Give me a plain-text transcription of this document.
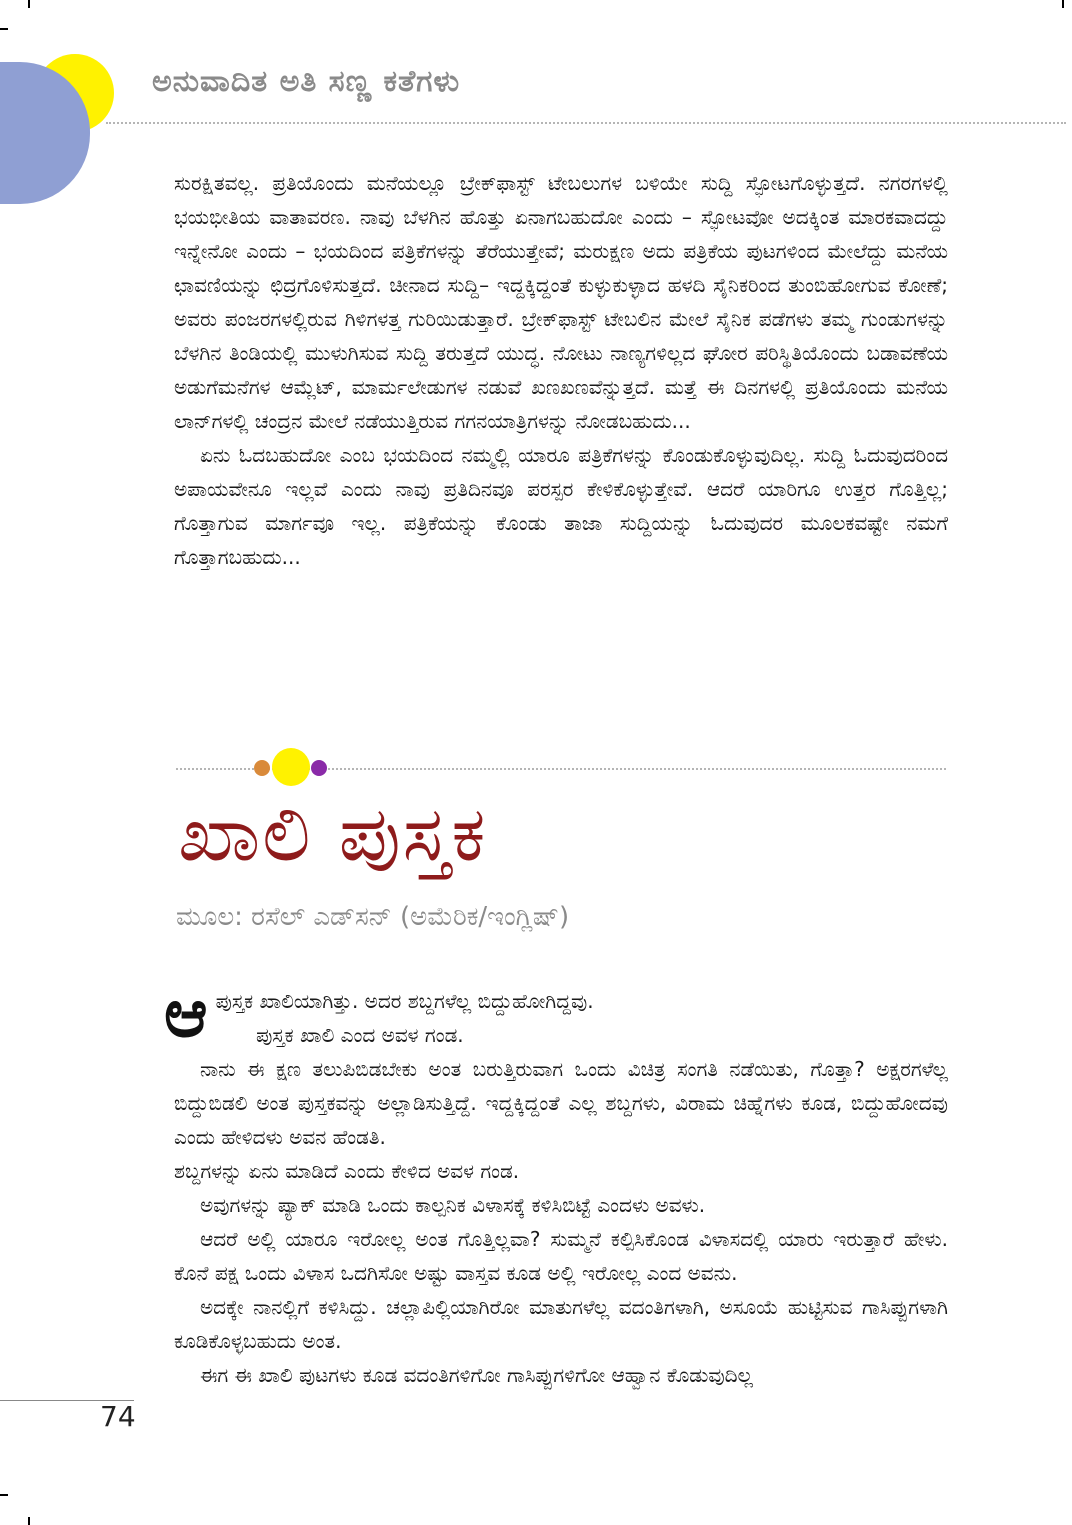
ಅನುವಾದಿತ ಅತಿ ಸಣ್ಣ ಕತೆಗಳು

ಸುರಕ್ಷಿತವಲ್ಲ. ಪ್ರತಿಯೊಂದು ಮನೆಯಲ್ಲೂ ಬ್ರೇಕ್‌ಫಾಸ್ಟ್ ಟೇಬಲುಗಳ ಬಳಿಯೇ ಸುದ್ದಿ ಸ್ಫೋಟಗೊಳ್ಳುತ್ತದೆ. ನಗರಗಳಲ್ಲಿ ಭಯಭೀತಿಯ ವಾತಾವರಣ. ನಾವು ಬೆಳಗಿನ ಹೊತ್ತು ಏನಾಗಬಹುದೋ ಎಂದು – ಸ್ಫೋಟವೋ ಅದಕ್ಕಿಂತ ಮಾರಕವಾದದ್ದು ಇನ್ನೇನೋ ಎಂದು – ಭಯದಿಂದ ಪತ್ರಿಕೆಗಳನ್ನು ತೆರೆಯುತ್ತೇವೆ; ಮರುಕ್ಷಣ ಅದು ಪತ್ರಿಕೆಯ ಪುಟಗಳಿಂದ ಮೇಲೆದ್ದು ಮನೆಯ ಛಾವಣಿಯನ್ನು ಛಿದ್ರಗೊಳಿಸುತ್ತದೆ. ಚೀನಾದ ಸುದ್ದಿ– ಇದ್ದಕ್ಕಿದ್ದಂತೆ ಕುಳ್ಳುಕುಳ್ಳಾದ ಹಳದಿ ಸೈನಿಕರಿಂದ ತುಂಬಿಹೋಗುವ ಕೋಣೆ; ಅವರು ಪಂಜರಗಳಲ್ಲಿರುವ ಗಿಳಿಗಳತ್ತ ಗುರಿಯಿಡುತ್ತಾರೆ. ಬ್ರೇಕ್‌ಫಾಸ್ಟ್ ಟೇಬಲಿನ ಮೇಲೆ ಸೈನಿಕ ಪಡೆಗಳು ತಮ್ಮ ಗುಂಡುಗಳನ್ನು ಬೆಳಗಿನ ತಿಂಡಿಯಲ್ಲಿ ಮುಳುಗಿಸುವ ಸುದ್ದಿ ತರುತ್ತದೆ ಯುದ್ಧ. ನೋಟು ನಾಣ್ಯಗಳಿಲ್ಲದ ಘೋರ ಪರಿಸ್ಥಿತಿಯೊಂದು ಬಡಾವಣೆಯ ಅಡುಗೆಮನೆಗಳ ಆಮ್ಲೆಟ್, ಮಾರ್ಮಲೇಡುಗಳ ನಡುವೆ ಖಣಖಣವೆನ್ನುತ್ತದೆ. ಮತ್ತೆ ಈ ದಿನಗಳಲ್ಲಿ ಪ್ರತಿಯೊಂದು ಮನೆಯ ಲಾನ್‌ಗಳಲ್ಲಿ ಚಂದ್ರನ ಮೇಲೆ ನಡೆಯುತ್ತಿರುವ ಗಗನಯಾತ್ರಿಗಳನ್ನು ನೋಡಬಹುದು...

ಏನು ಓದಬಹುದೋ ಎಂಬ ಭಯದಿಂದ ನಮ್ಮಲ್ಲಿ ಯಾರೂ ಪತ್ರಿಕೆಗಳನ್ನು ಕೊಂಡುಕೊಳ್ಳುವುದಿಲ್ಲ. ಸುದ್ದಿ ಓದುವುದರಿಂದ ಅಪಾಯವೇನೂ ಇಲ್ಲವೆ ಎಂದು ನಾವು ಪ್ರತಿದಿನವೂ ಪರಸ್ಪರ ಕೇಳಿಕೊಳ್ಳುತ್ತೇವೆ. ಆದರೆ ಯಾರಿಗೂ ಉತ್ತರ ಗೊತ್ತಿಲ್ಲ; ಗೊತ್ತಾಗುವ ಮಾರ್ಗವೂ ಇಲ್ಲ. ಪತ್ರಿಕೆಯನ್ನು ಕೊಂಡು ತಾಜಾ ಸುದ್ದಿಯನ್ನು ಓದುವುದರ ಮೂಲಕವಷ್ಟೇ ನಮಗೆ ಗೊತ್ತಾಗಬಹುದು...

ಖಾಲಿ ಪುಸ್ತಕ
ಮೂಲ: ರಸೆಲ್ ಎಡ್‌ಸನ್ (ಅಮೆರಿಕ/ಇಂಗ್ಲಿಷ್)

ಆಪುಸ್ತಕ ಖಾಲಿಯಾಗಿತ್ತು. ಅದರ ಶಬ್ದಗಳೆಲ್ಲ ಬಿದ್ದುಹೋಗಿದ್ದವು.

ಪುಸ್ತಕ ಖಾಲಿ ಎಂದ ಅವಳ ಗಂಡ.

ನಾನು ಈ ಕ್ಷಣ ತಲುಪಿಬಿಡಬೇಕು ಅಂತ ಬರುತ್ತಿರುವಾಗ ಒಂದು ವಿಚಿತ್ರ ಸಂಗತಿ ನಡೆಯಿತು, ಗೊತ್ತಾ? ಅಕ್ಷರಗಳೆಲ್ಲ ಬಿದ್ದುಬಿಡಲಿ ಅಂತ ಪುಸ್ತಕವನ್ನು ಅಲ್ಲಾಡಿಸುತ್ತಿದ್ದೆ. ಇದ್ದಕ್ಕಿದ್ದಂತೆ ಎಲ್ಲ ಶಬ್ದಗಳು, ವಿರಾಮ ಚಿಹ್ನೆಗಳು ಕೂಡ, ಬಿದ್ದುಹೋದವು ಎಂದು ಹೇಳಿದಳು ಅವನ ಹೆಂಡತಿ.

ಶಬ್ದಗಳನ್ನು ಏನು ಮಾಡಿದೆ ಎಂದು ಕೇಳಿದ ಅವಳ ಗಂಡ.

ಅವುಗಳನ್ನು ಪ್ಯಾಕ್ ಮಾಡಿ ಒಂದು ಕಾಲ್ಪನಿಕ ವಿಳಾಸಕ್ಕೆ ಕಳಿಸಿಬಿಟ್ಟೆ ಎಂದಳು ಅವಳು.

ಆದರೆ ಅಲ್ಲಿ ಯಾರೂ ಇರೋಲ್ಲ ಅಂತ ಗೊತ್ತಿಲ್ಲವಾ? ಸುಮ್ಮನೆ ಕಲ್ಪಿಸಿಕೊಂಡ ವಿಳಾಸದಲ್ಲಿ ಯಾರು ಇರುತ್ತಾರೆ ಹೇಳು. ಕೊನೆ ಪಕ್ಷ ಒಂದು ವಿಳಾಸ ಒದಗಿಸೋ ಅಷ್ಟು ವಾಸ್ತವ ಕೂಡ ಅಲ್ಲಿ ಇರೋಲ್ಲ ಎಂದ ಅವನು.

ಅದಕ್ಕೇ ನಾನಲ್ಲಿಗೆ ಕಳಿಸಿದ್ದು. ಚಲ್ಲಾಪಿಲ್ಲಿಯಾಗಿರೋ ಮಾತುಗಳೆಲ್ಲ ವದಂತಿಗಳಾಗಿ, ಅಸೂಯೆ ಹುಟ್ಟಿಸುವ ಗಾಸಿಪ್ಪುಗಳಾಗಿ ಕೂಡಿಕೊಳ್ಳಬಹುದು ಅಂತ.

ಈಗ ಈ ಖಾಲಿ ಪುಟಗಳು ಕೂಡ ವದಂತಿಗಳಿಗೋ ಗಾಸಿಪ್ಪುಗಳಿಗೋ ಆಹ್ವಾನ ಕೊಡುವುದಿಲ್ಲ

74
